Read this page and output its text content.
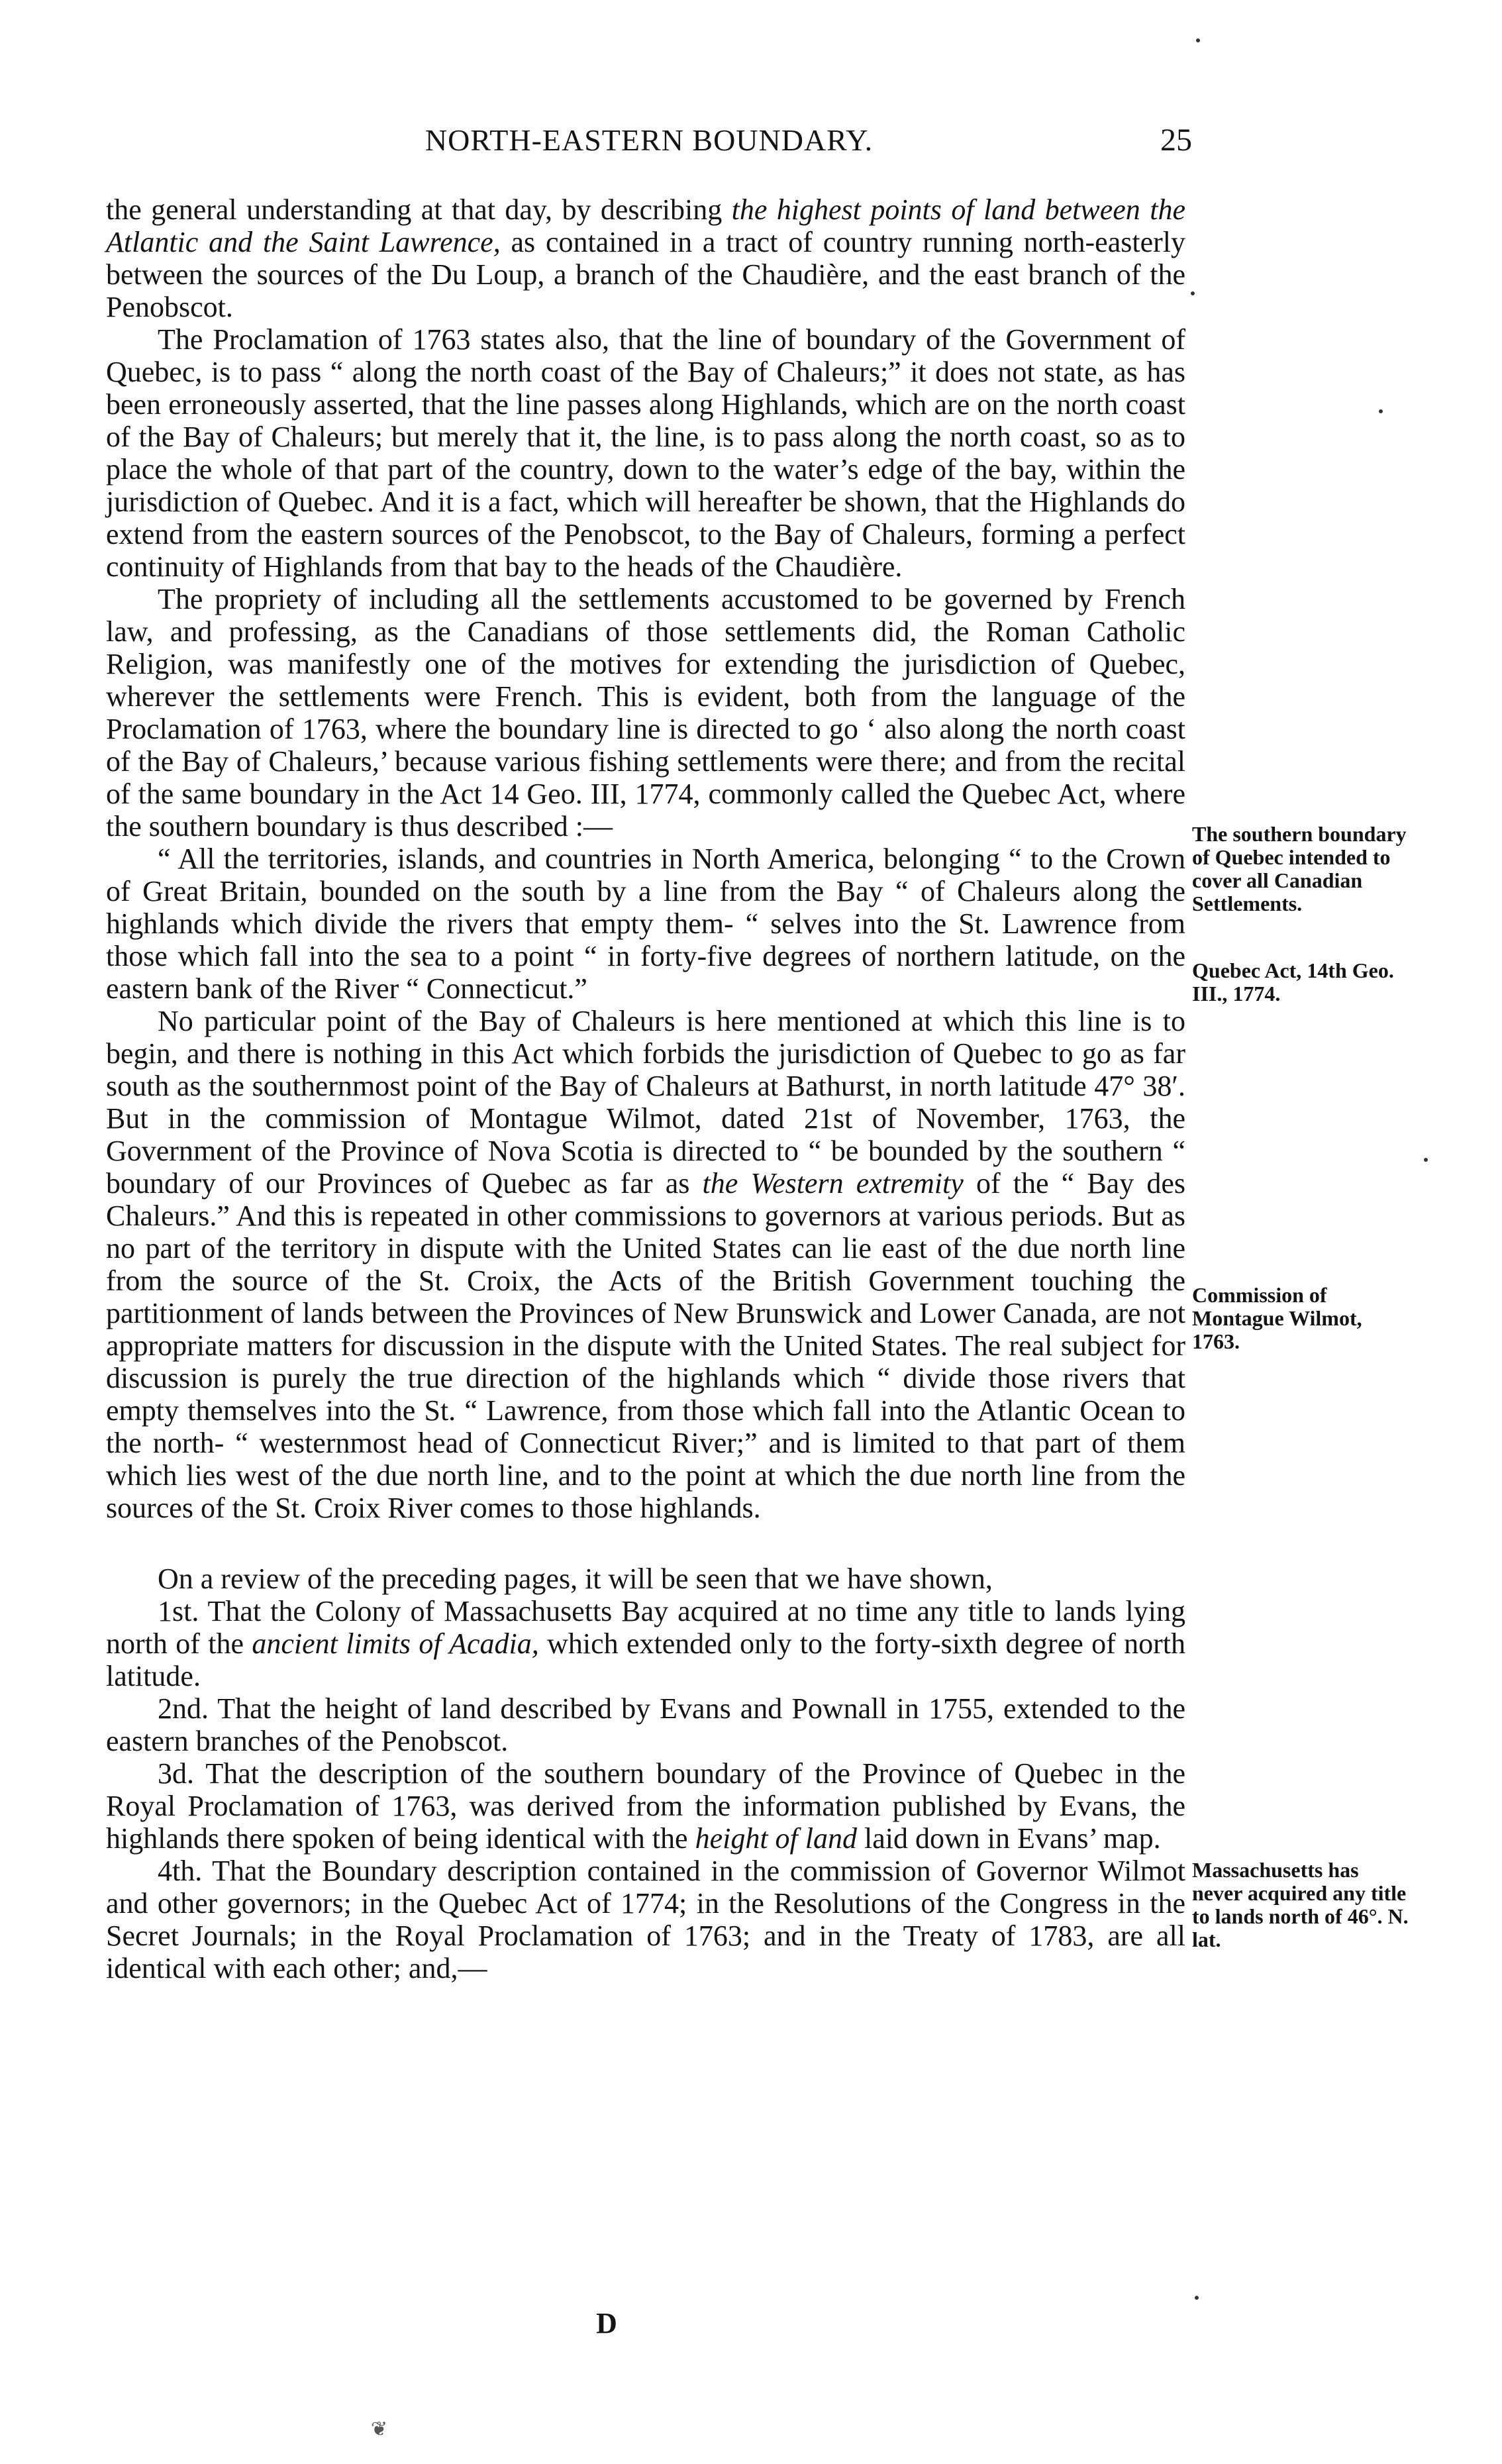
NORTH-EASTERN BOUNDARY.	25

the general understanding at that day, by describing the highest points of land between the Atlantic and the Saint Lawrence, as contained in a tract of country running north-easterly between the sources of the Du Loup, a branch of the Chaudière, and the east branch of the Penobscot.

The Proclamation of 1763 states also, that the line of boundary of the Government of Quebec, is to pass “ along the north coast of the Bay of Chaleurs;” it does not state, as has been erroneously asserted, that the line passes along Highlands, which are on the north coast of the Bay of Chaleurs; but merely that it, the line, is to pass along the north coast, so as to place the whole of that part of the country, down to the water’s edge of the bay, within the jurisdiction of Quebec. And it is a fact, which will hereafter be shown, that the Highlands do extend from the eastern sources of the Penobscot, to the Bay of Chaleurs, forming a perfect continuity of Highlands from that bay to the heads of the Chaudière.

The propriety of including all the settlements accustomed to be governed by French law, and professing, as the Canadians of those settlements did, the Roman Catholic Religion, was manifestly one of the motives for extending the jurisdiction of Quebec, wherever the settlements were French. This is evident, both from the language of the Proclamation of 1763, where the boundary line is directed to go ‘ also along the north coast of the Bay of Chaleurs,’ because various fishing settlements were there; and from the recital of the same boundary in the Act 14 Geo. III, 1774, commonly called the Quebec Act, where the southern boundary is thus described :—

“ All the territories, islands, and countries in North America, belonging “ to the Crown of Great Britain, bounded on the south by a line from the Bay “ of Chaleurs along the highlands which divide the rivers that empty them- “ selves into the St. Lawrence from those which fall into the sea to a point “ in forty-five degrees of northern latitude, on the eastern bank of the River “ Connecticut.”

No particular point of the Bay of Chaleurs is here mentioned at which this line is to begin, and there is nothing in this Act which forbids the jurisdiction of Quebec to go as far south as the southernmost point of the Bay of Chaleurs at Bathurst, in north latitude 47° 38′. But in the commission of Montague Wilmot, dated 21st of November, 1763, the Government of the Province of Nova Scotia is directed to “ be bounded by the southern “ boundary of our Provinces of Quebec as far as the Western extremity of the “ Bay des Chaleurs.” And this is repeated in other commissions to governors at various periods. But as no part of the territory in dispute with the United States can lie east of the due north line from the source of the St. Croix, the Acts of the British Government touching the partitionment of lands between the Provinces of New Brunswick and Lower Canada, are not appropriate matters for discussion in the dispute with the United States. The real subject for discussion is purely the true direction of the highlands which “ divide those rivers that empty themselves into the St. “ Lawrence, from those which fall into the Atlantic Ocean to the north- “ westernmost head of Connecticut River;” and is limited to that part of them which lies west of the due north line, and to the point at which the due north line from the sources of the St. Croix River comes to those highlands.

On a review of the preceding pages, it will be seen that we have shown,

1st. That the Colony of Massachusetts Bay acquired at no time any title to lands lying north of the ancient limits of Acadia, which extended only to the forty-sixth degree of north latitude.

2nd. That the height of land described by Evans and Pownall in 1755, extended to the eastern branches of the Penobscot.

3d. That the description of the southern boundary of the Province of Quebec in the Royal Proclamation of 1763, was derived from the information published by Evans, the highlands there spoken of being identical with the height of land laid down in Evans’ map.

4th. That the Boundary description contained in the commission of Governor Wilmot and other governors; in the Quebec Act of 1774; in the Resolutions of the Congress in the Secret Journals; in the Royal Proclamation of 1763; and in the Treaty of 1783, are all identical with each other; and,—

The southern boundary of Quebec intended to cover all Canadian Settlements.
Quebec Act, 14th Geo. III., 1774.
Commission of Montague Wilmot, 1763.
Massachusetts has never acquired any title to lands north of 46°. N. lat.
D
❦
